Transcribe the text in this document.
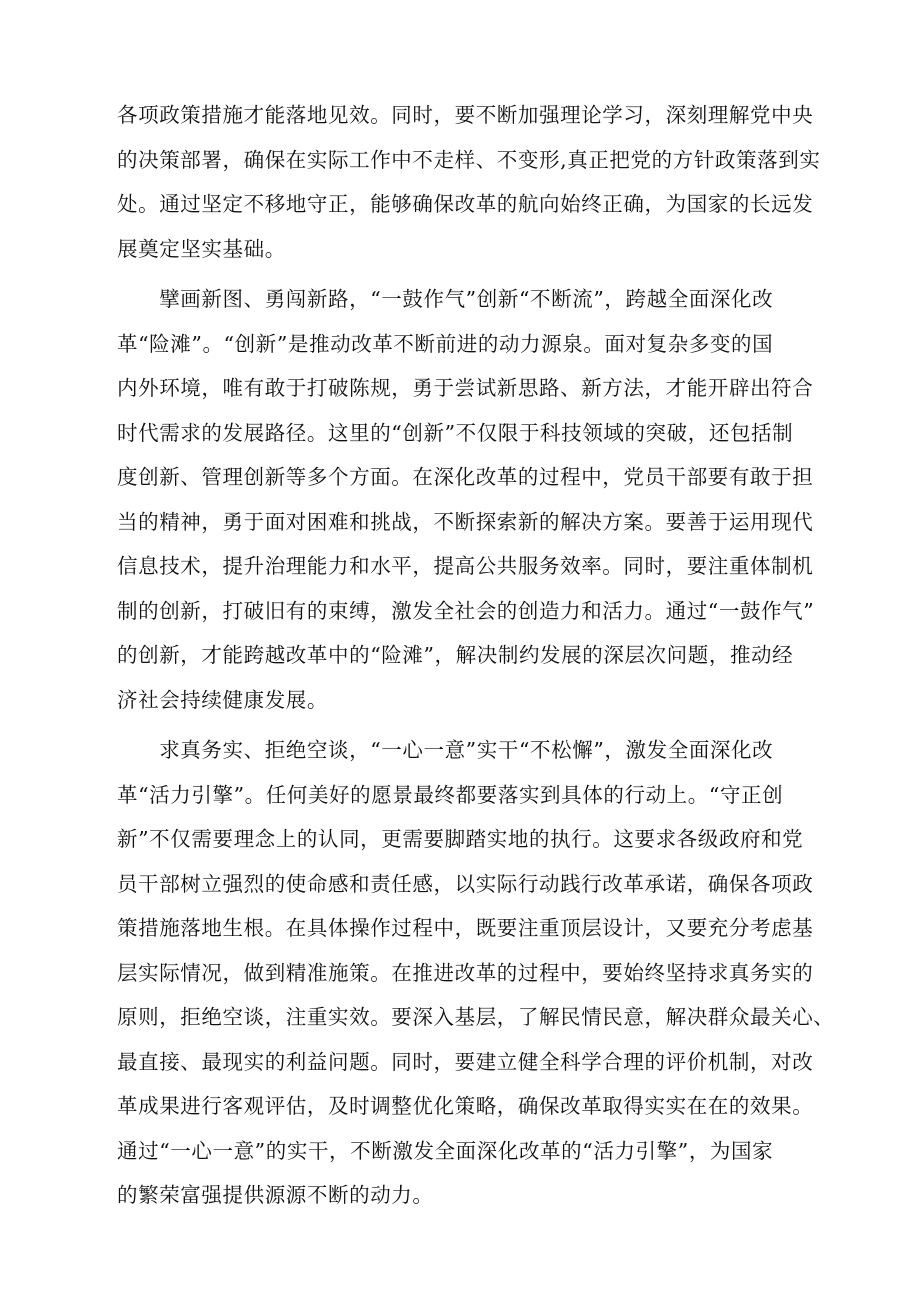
各项政策措施才能落地见效。同时，要不断加强理论学习，深刻理解党中央
的决策部署，确保在实际工作中不走样、不变形,真正把党的方针政策落到实
处。通过坚定不移地守正，能够确保改革的航向始终正确，为国家的长远发
展奠定坚实基础。
　　擘画新图、勇闯新路，“一鼓作气”创新“不断流”，跨越全面深化改
革“险滩”。“创新”是推动改革不断前进的动力源泉。面对复杂多变的国
内外环境，唯有敢于打破陈规，勇于尝试新思路、新方法，才能开辟出符合
时代需求的发展路径。这里的“创新”不仅限于科技领域的突破，还包括制
度创新、管理创新等多个方面。在深化改革的过程中，党员干部要有敢于担
当的精神，勇于面对困难和挑战，不断探索新的解决方案。要善于运用现代
信息技术，提升治理能力和水平，提高公共服务效率。同时，要注重体制机
制的创新，打破旧有的束缚，激发全社会的创造力和活力。通过“一鼓作气”
的创新，才能跨越改革中的“险滩”，解决制约发展的深层次问题，推动经
济社会持续健康发展。
　　求真务实、拒绝空谈，“一心一意”实干“不松懈”，激发全面深化改
革“活力引擎”。任何美好的愿景最终都要落实到具体的行动上。“守正创
新”不仅需要理念上的认同，更需要脚踏实地的执行。这要求各级政府和党
员干部树立强烈的使命感和责任感，以实际行动践行改革承诺，确保各项政
策措施落地生根。在具体操作过程中，既要注重顶层设计，又要充分考虑基
层实际情况，做到精准施策。在推进改革的过程中，要始终坚持求真务实的
原则，拒绝空谈，注重实效。要深入基层，了解民情民意，解决群众最关心、
最直接、最现实的利益问题。同时，要建立健全科学合理的评价机制，对改
革成果进行客观评估，及时调整优化策略，确保改革取得实实在在的效果。
通过“一心一意”的实干，不断激发全面深化改革的“活力引擎”，为国家
的繁荣富强提供源源不断的动力。
